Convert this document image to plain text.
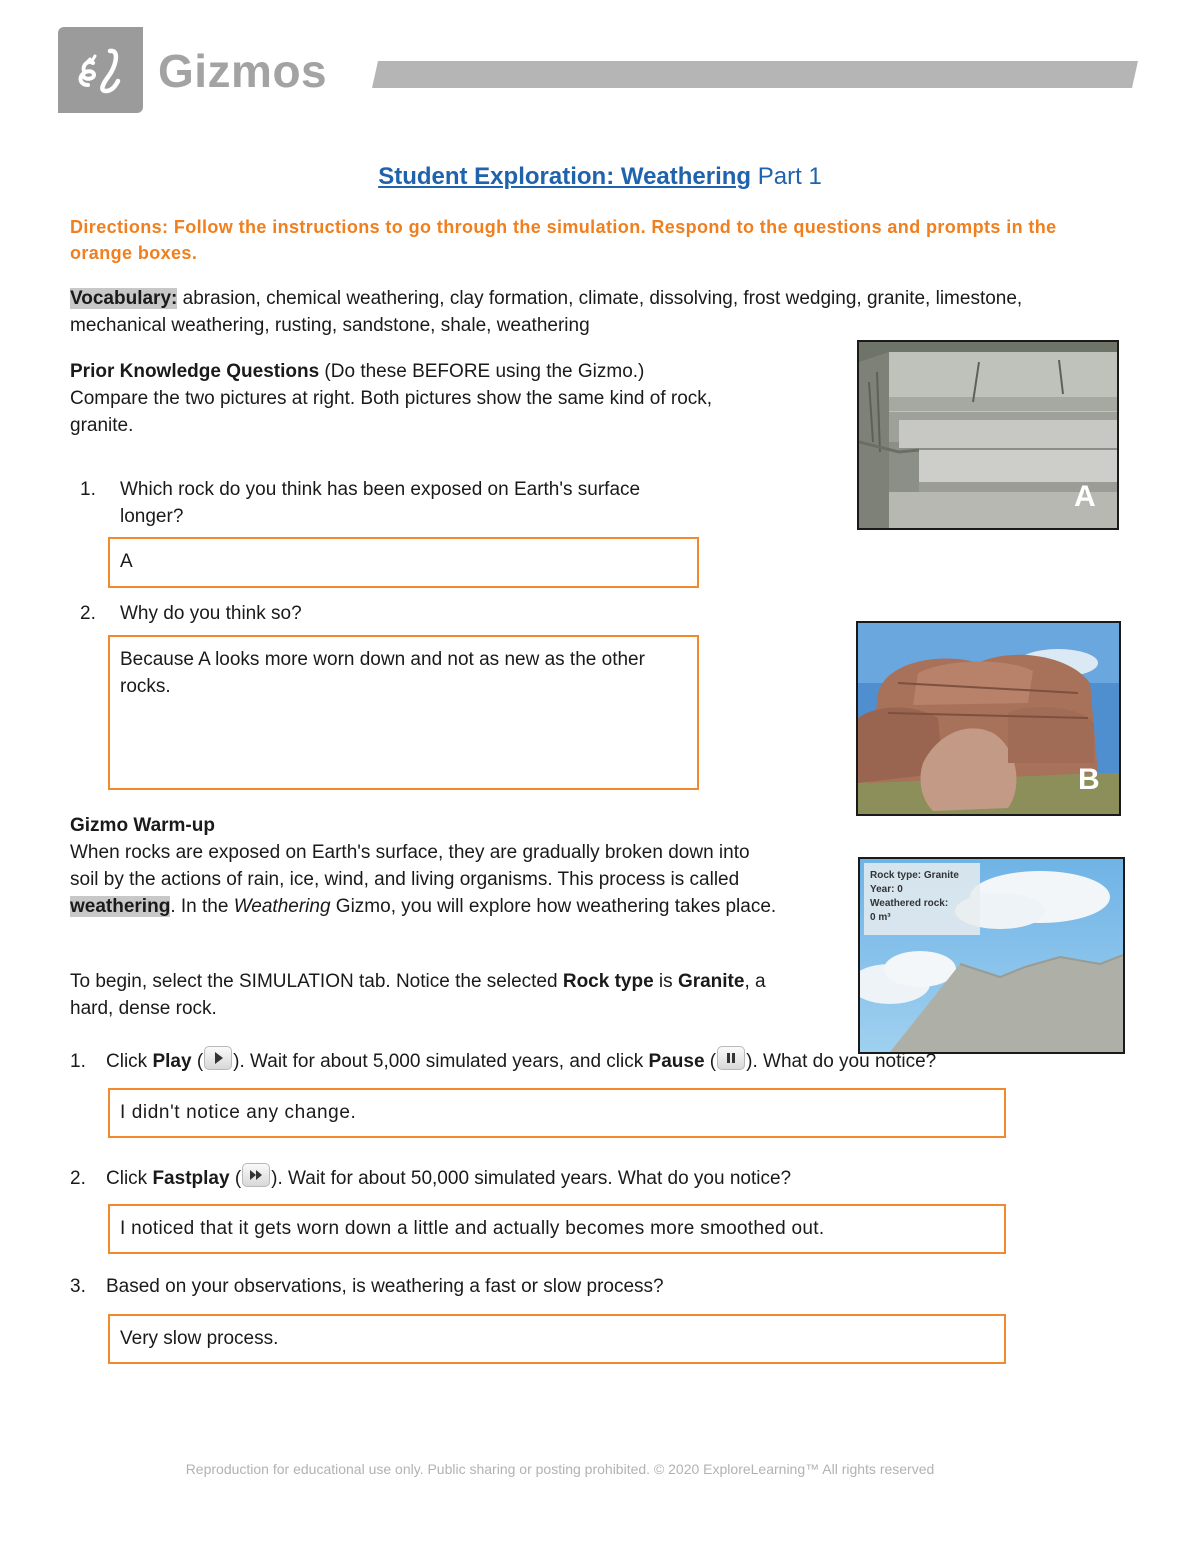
Gizmos
Student Exploration: Weathering Part 1
Directions: Follow the instructions to go through the simulation. Respond to the questions and prompts in the orange boxes.
Vocabulary: abrasion, chemical weathering, clay formation, climate, dissolving, frost wedging, granite, limestone, mechanical weathering, rusting, sandstone, shale, weathering
Prior Knowledge Questions (Do these BEFORE using the Gizmo.)
Compare the two pictures at right. Both pictures show the same kind of rock, granite.
1. Which rock do you think has been exposed on Earth's surface longer?
A
2. Why do you think so?
Because A looks more worn down and not as new as the other rocks.
A
B
Rock type: Granite
Year: 0
Weathered rock:
0 m³
Gizmo Warm-up
When rocks are exposed on Earth's surface, they are gradually broken down into soil by the actions of rain, ice, wind, and living organisms. This process is called weathering. In the Weathering Gizmo, you will explore how weathering takes place.
To begin, select the SIMULATION tab. Notice the selected Rock type is Granite, a hard, dense rock.
1. Click Play ( ). Wait for about 5,000 simulated years, and click Pause ( ). What do you notice?
I didn't notice any change.
2. Click Fastplay ( ). Wait for about 50,000 simulated years. What do you notice?
I noticed that it gets worn down a little and actually becomes more smoothed out.
3. Based on your observations, is weathering a fast or slow process?
Very slow process.
Reproduction for educational use only. Public sharing or posting prohibited. © 2020 ExploreLearning™ All rights reserved
